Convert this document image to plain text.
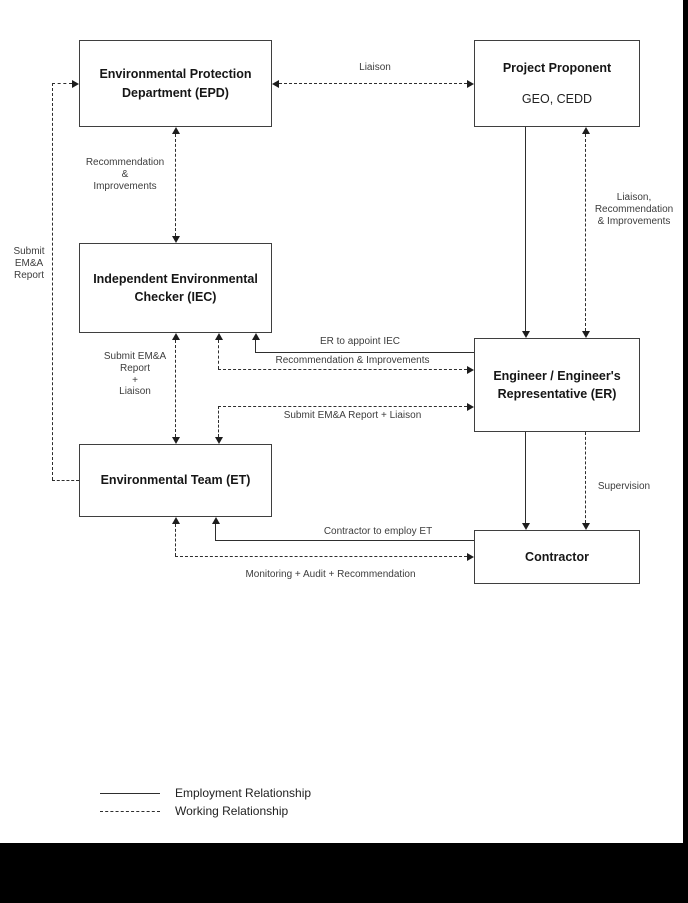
Environmental Protection
Department (EPD)
Project Proponent
GEO, CEDD
Independent Environmental
Checker (IEC)
Engineer / Engineer's
Representative (ER)
Environmental Team (ET)
Contractor
Liaison
Recommendation
&
Improvements
Submit
EM&A
Report
Liaison,
Recommendation
& Improvements
ER to appoint IEC
Recommendation & Improvements
Submit EM&A Report + Liaison
Submit EM&A
Report
+
Liaison
Supervision
Contractor to employ ET
Monitoring + Audit + Recommendation
Employment Relationship
Working Relationship
